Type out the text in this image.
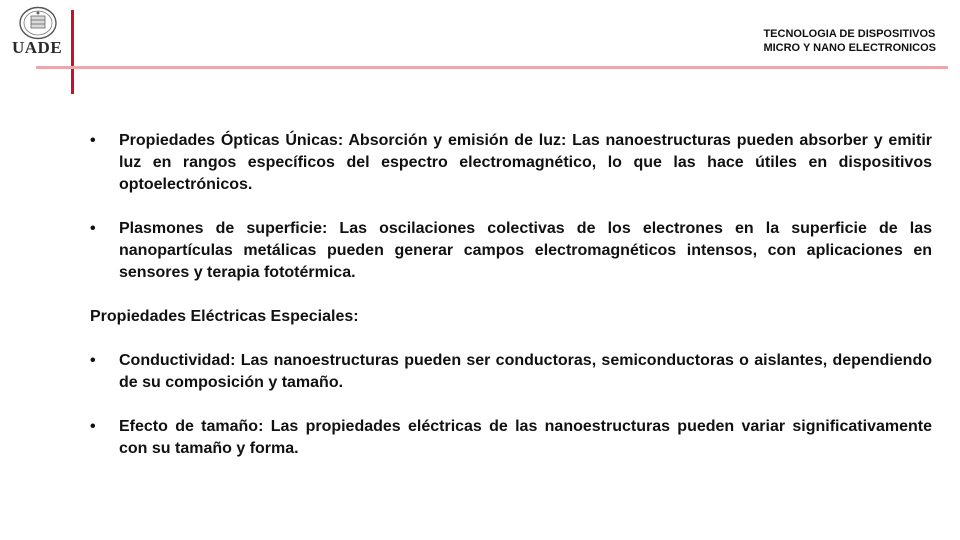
UADE
TECNOLOGIA DE DISPOSITIVOS
MICRO Y NANO ELECTRONICOS
• Propiedades Ópticas Únicas: Absorción y emisión de luz: Las nanoestructuras pueden absorber y emitir luz en rangos específicos del espectro electromagnético, lo que las hace útiles en dispositivos optoelectrónicos.
• Plasmones de superficie: Las oscilaciones colectivas de los electrones en la superficie de las nanopartículas metálicas pueden generar campos electromagnéticos intensos, con aplicaciones en sensores y terapia fototérmica.
Propiedades Eléctricas Especiales:
• Conductividad: Las nanoestructuras pueden ser conductoras, semiconductoras o aislantes, dependiendo de su composición y tamaño.
• Efecto de tamaño: Las propiedades eléctricas de las nanoestructuras pueden variar significativamente con su tamaño y forma.
